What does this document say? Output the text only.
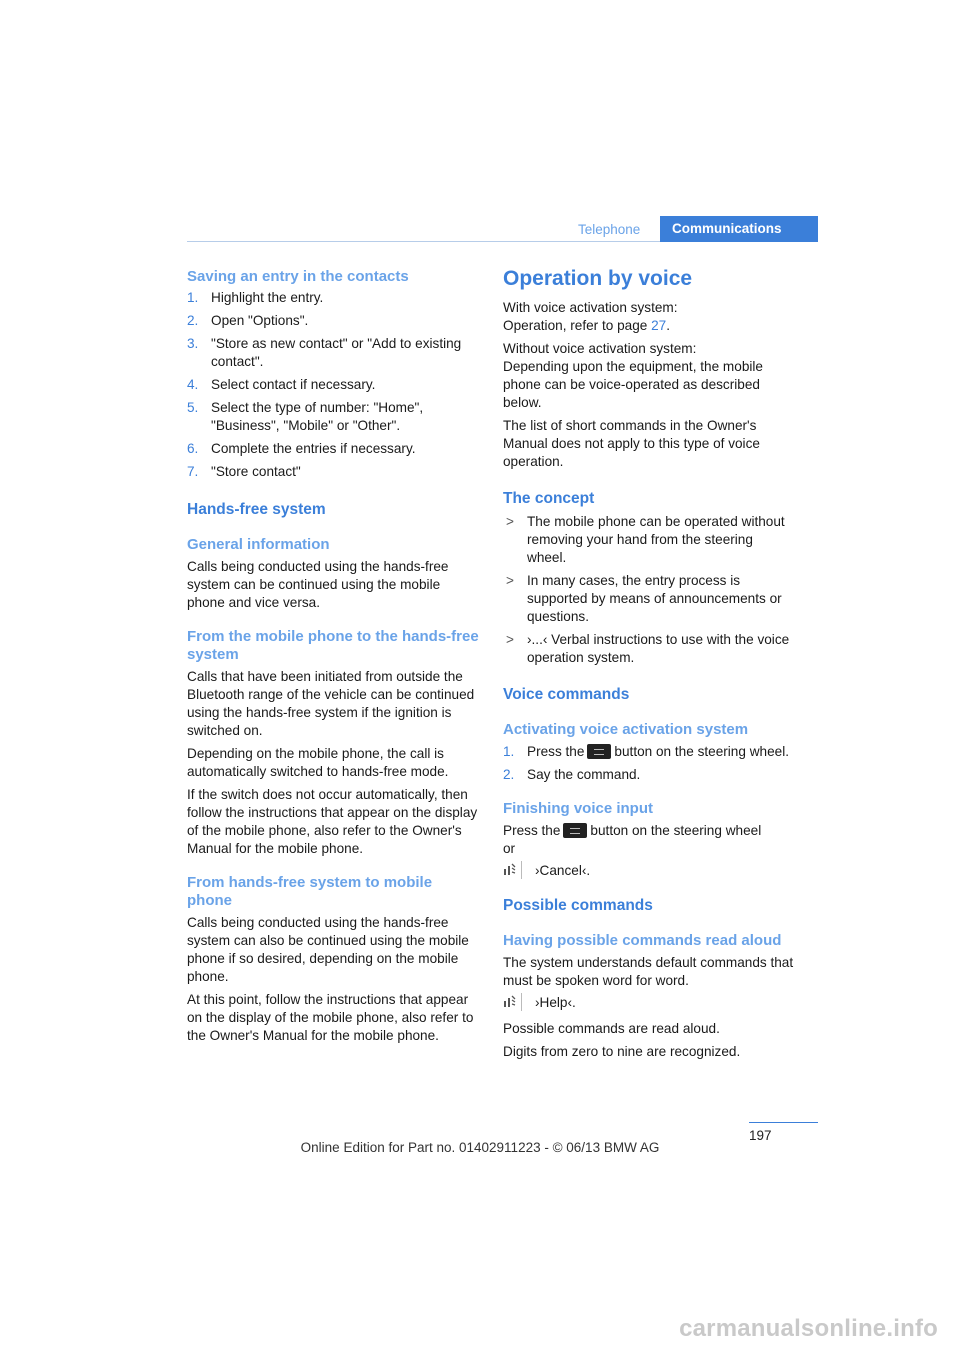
Telephone	Communications
Saving an entry in the contacts
1. Highlight the entry.
2. Open "Options".
3. "Store as new contact" or "Add to existing contact".
4. Select contact if necessary.
5. Select the type of number: "Home", "Business", "Mobile" or "Other".
6. Complete the entries if necessary.
7. "Store contact"
Hands-free system
General information

Calls being conducted using the hands-free system can be continued using the mobile phone and vice versa.

From the mobile phone to the hands-free system

Calls that have been initiated from outside the Bluetooth range of the vehicle can be continued using the hands-free system if the ignition is switched on.

Depending on the mobile phone, the call is automatically switched to hands-free mode.

If the switch does not occur automatically, then follow the instructions that appear on the display of the mobile phone, also refer to the Owner's Manual for the mobile phone.

From hands-free system to mobile phone

Calls being conducted using the hands-free system can also be continued using the mobile phone if so desired, depending on the mobile phone.

At this point, follow the instructions that appear on the display of the mobile phone, also refer to the Owner's Manual for the mobile phone.

Operation by voice

With voice activation system:

Operation, refer to page 27.

Without voice activation system:

Depending upon the equipment, the mobile phone can be voice-operated as described below.

The list of short commands in the Owner's Manual does not apply to this type of voice operation.

The concept
> The mobile phone can be operated without removing your hand from the steering wheel.
> In many cases, the entry process is supported by means of announcements or questions.
> ›...‹ Verbal instructions to use with the voice operation system.
Voice commands
Activating voice activation system
1. Press the button on the steering wheel.
2. Say the command.
Finishing voice input

Press the button on the steering wheel

or

›Cancel‹.
Possible commands
Having possible commands read aloud

The system understands default commands that must be spoken word for word.

›Help‹.

Possible commands are read aloud.

Digits from zero to nine are recognized.

197
Online Edition for Part no. 01402911223 - © 06/13 BMW AG
carmanualsonline.info
